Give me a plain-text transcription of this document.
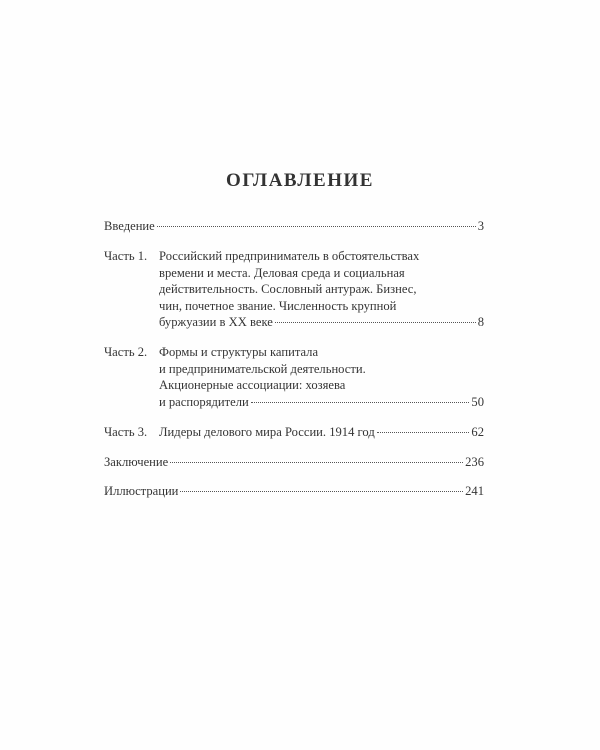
ОГЛАВЛЕНИЕ
Введение	3
Часть 1. Российский предприниматель в обстоятельствах
времени и места. Деловая среда и социальная
действительность. Сословный антураж. Бизнес,
чин, почетное звание. Численность крупной
буржуазии в XX веке	8
Часть 2. Формы и структуры капитала
и предпринимательской деятельности.
Акционерные ассоциации: хозяева
и распорядители	50
Часть 3. Лидеры делового мира России. 1914 год	62
Заключение	236
Иллюстрации	241
